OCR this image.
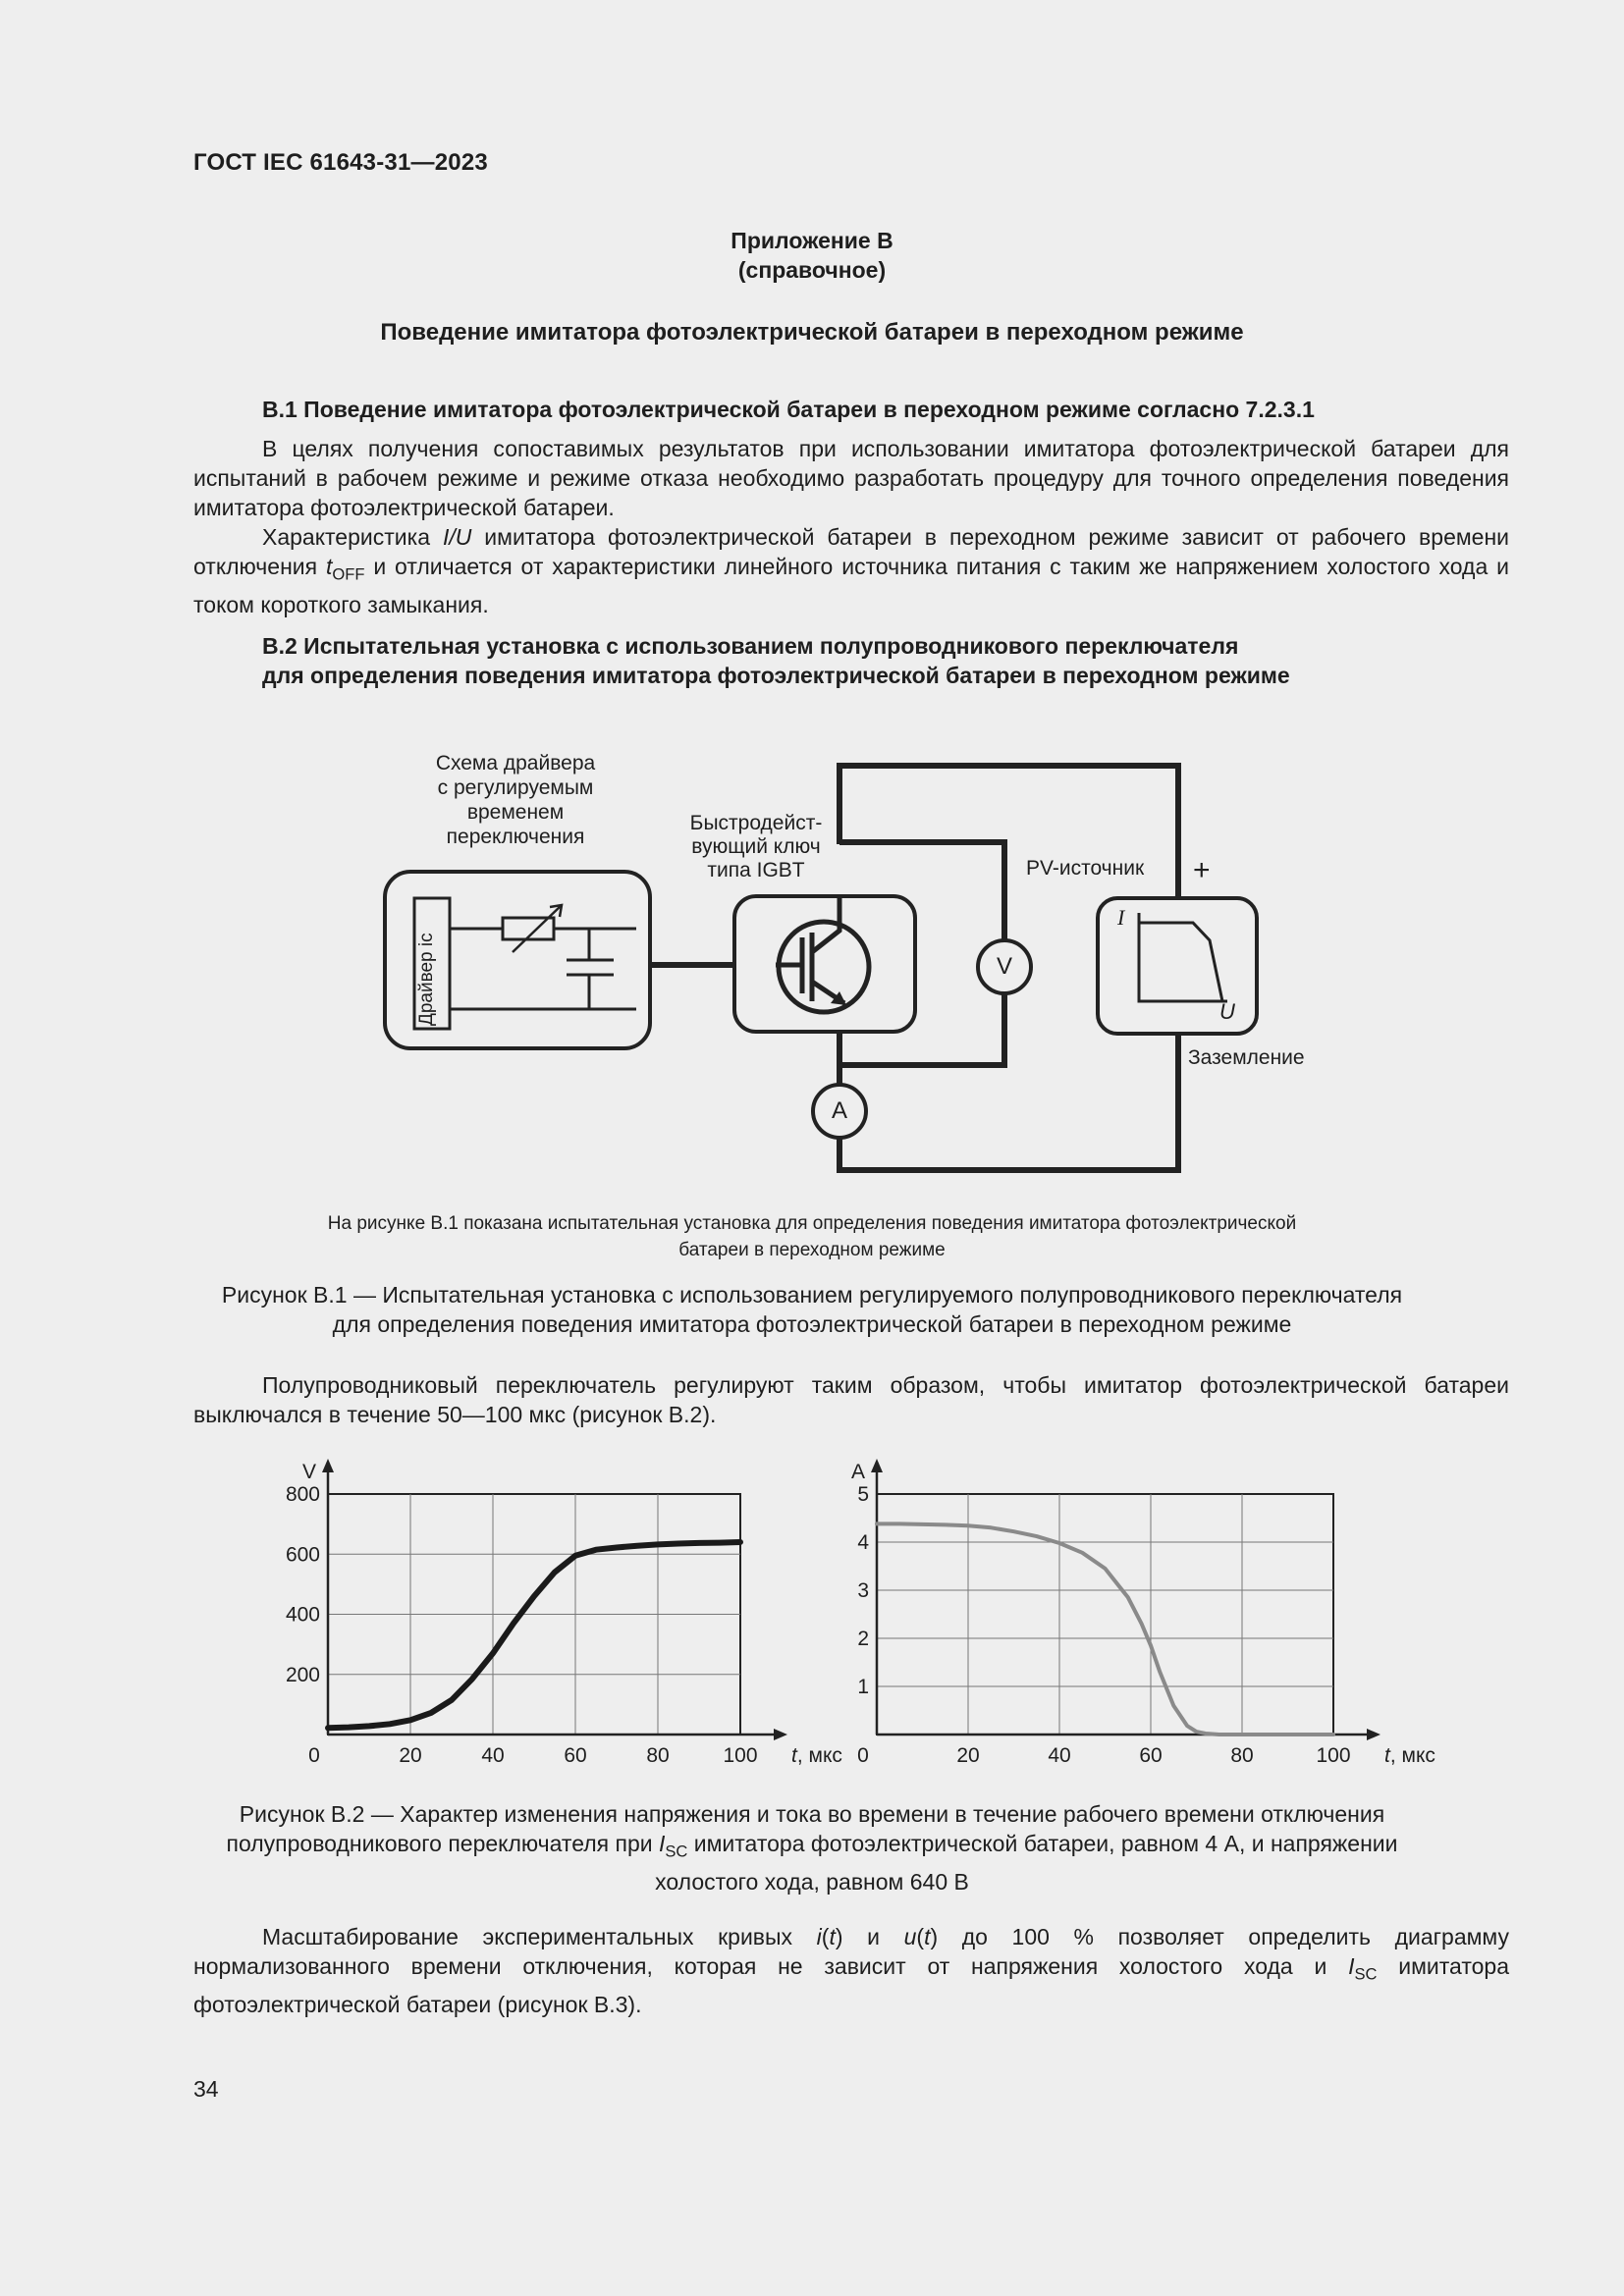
ГОСТ IEC 61643-31—2023
Приложение В
(справочное)
Поведение имитатора фотоэлектрической батареи в переходном режиме
В.1 Поведение имитатора фотоэлектрической батареи в переходном режиме согласно 7.2.3.1
В целях получения сопоставимых результатов при использовании имитатора фотоэлектрической батареи для испытаний в рабочем режиме и режиме отказа необходимо разработать процедуру для точного определения поведения имитатора фотоэлектрической батареи.
Характеристика I/U имитатора фотоэлектрической батареи в переходном режиме зависит от рабочего времени отключения $t_{OFF}$ и отличается от характеристики линейного источника питания с таким же напряжением холостого хода и током короткого замыкания.
В.2 Испытательная установка с использованием полупроводникового переключателя
для определения поведения имитатора фотоэлектрической батареи в переходном режиме
Схема драйвера
с регулируемым
временем
переключения
Драйвер ic
Быстродейст-
вующий ключ
типа IGBT
V
A
PV-источник +
Заземление
I
U
На рисунке В.1 показана испытательная установка для определения поведения имитатора фотоэлектрической
батареи в переходном режиме
Рисунок В.1 — Испытательная установка с использованием регулируемого полупроводникового переключателя
для определения поведения имитатора фотоэлектрической батареи в переходном режиме
Полупроводниковый переключатель регулируют таким образом, чтобы имитатор фотоэлектрической батареи выключался в течение 50—100 мкс (рисунок В.2).
0	20	40	60	80	100
200
400
600
800
V
t, мкс 0	20	40	60	80	100
1
2
3
4
5
A
t, мкс
Рисунок В.2 — Характер изменения напряжения и тока во времени в течение рабочего времени отключения
полупроводникового переключателя при $I_{SC}$ имитатора фотоэлектрической батареи, равном 4 А, и напряжении
холостого хода, равном 640 В
Масштабирование экспериментальных кривых i(t) и u(t) до 100 % позволяет определить диаграмму нормализованного времени отключения, которая не зависит от напряжения холостого хода и $I_{SC}$ имитатора фотоэлектрической батареи (рисунок В.3).
34
